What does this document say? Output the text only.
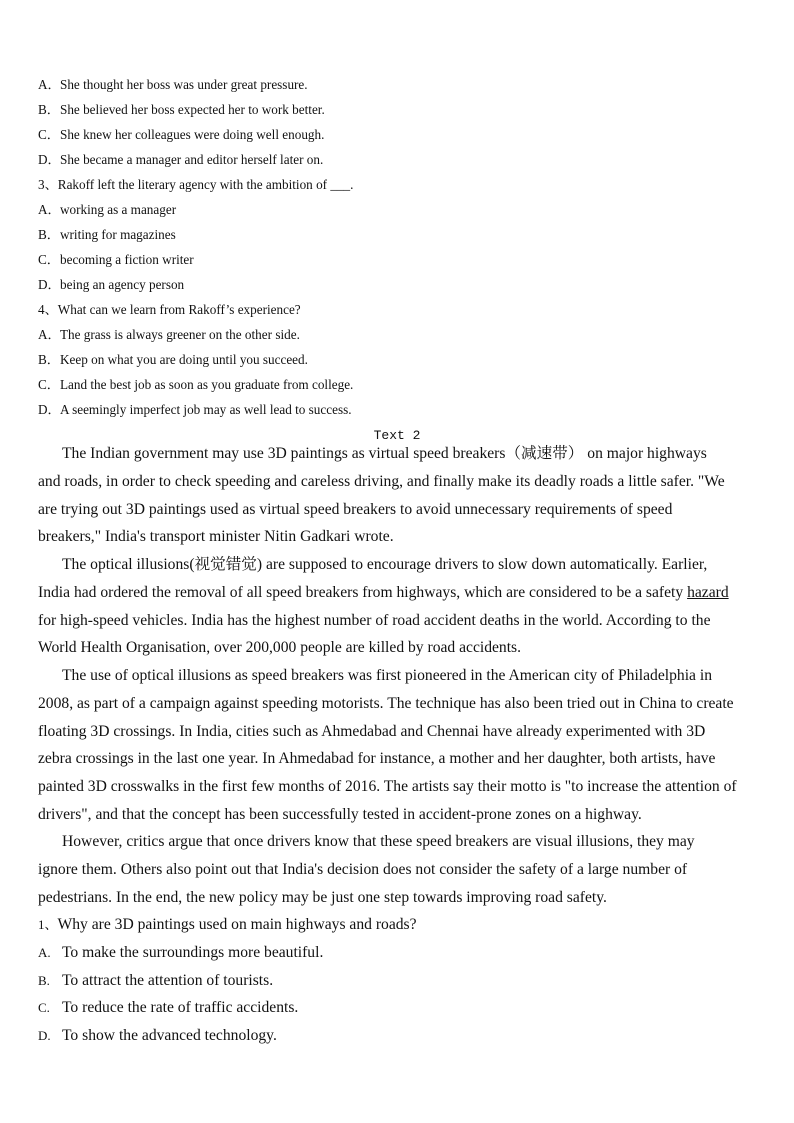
A．She thought her boss was under great pressure.
B．She believed her boss expected her to work better.
C．She knew her colleagues were doing well enough.
D．She became a manager and editor herself later on.
3、Rakoff left the literary agency with the ambition of ___.
A．working as a manager
B．writing for magazines
C．becoming a fiction writer
D．being an agency person
4、What can we learn from Rakoff’s experience?
A．The grass is always greener on the other side.
B．Keep on what you are doing until you succeed.
C．Land the best job as soon as you graduate from college.
D．A seemingly imperfect job may as well lead to success.
Text 2
The Indian government may use 3D paintings as virtual speed breakers（减速带） on major highways
and roads, in order to check speeding and careless driving, and finally make its deadly roads a little safer. "We
are trying out 3D paintings used as virtual speed breakers to avoid unnecessary requirements of speed
breakers," India's transport minister Nitin Gadkari wrote.
The optical illusions(视觉错觉) are supposed to encourage drivers to slow down automatically. Earlier,
India had ordered the removal of all speed breakers from highways, which are considered to be a safety hazard
for high-speed vehicles. India has the highest number of road accident deaths in the world. According to the
World Health Organisation, over 200,000 people are killed by road accidents.
The use of optical illusions as speed breakers was first pioneered in the American city of Philadelphia in
2008, as part of a campaign against speeding motorists. The technique has also been tried out in China to create
floating 3D crossings. In India, cities such as Ahmedabad and Chennai have already experimented with 3D
zebra crossings in the last one year. In Ahmedabad for instance, a mother and her daughter, both artists, have
painted 3D crosswalks in the first few months of 2016. The artists say their motto is "to increase the attention of
drivers", and that the concept has been successfully tested in accident-prone zones on a highway.
However, critics argue that once drivers know that these speed breakers are visual illusions, they may
ignore them. Others also point out that India's decision does not consider the safety of a large number of
pedestrians. In the end, the new policy may be just one step towards improving road safety.
1、Why are 3D paintings used on main highways and roads?
A. To make the surroundings more beautiful.
B. To attract the attention of tourists.
C. To reduce the rate of traffic accidents.
D. To show the advanced technology.
